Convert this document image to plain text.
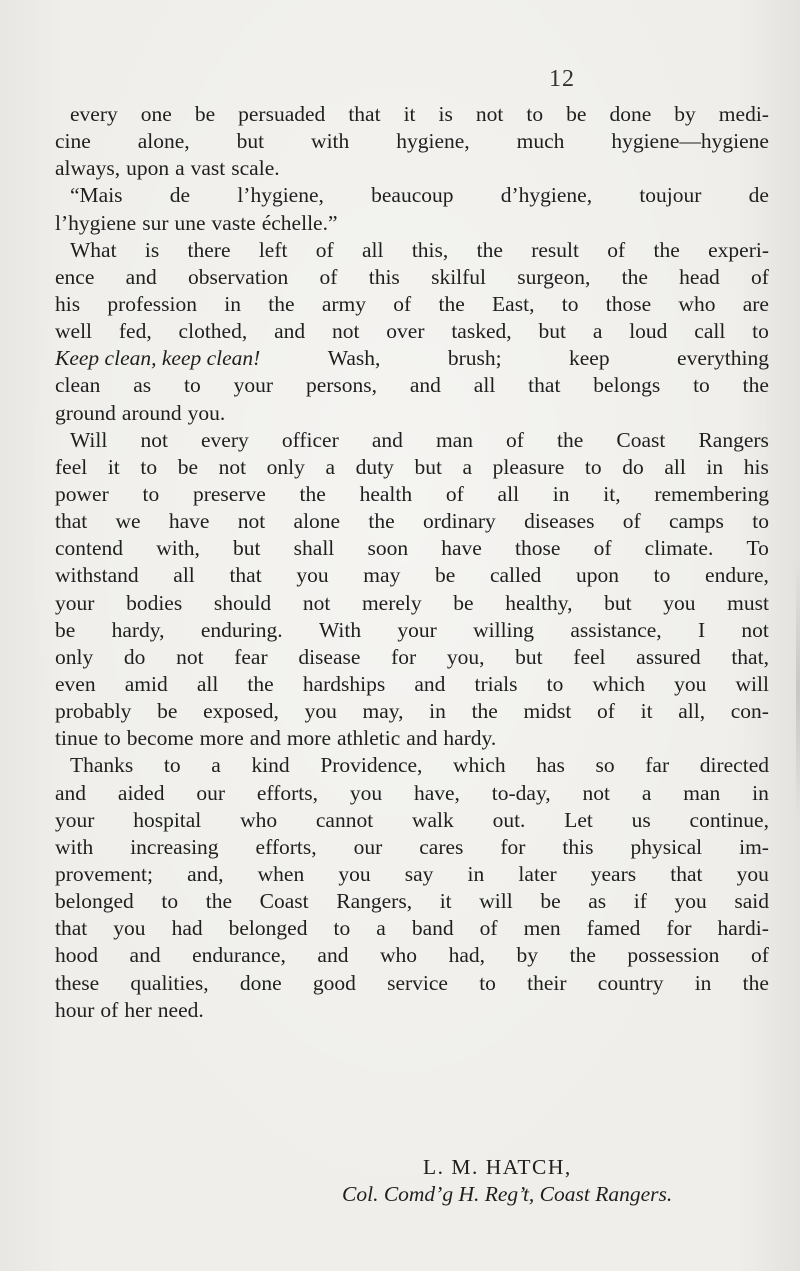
12
every one be persuaded that it is not to be done by medi-
cine alone, but with hygiene, much hygiene—hygiene
always, upon a vast scale.
“Mais de l’hygiene, beaucoup d’hygiene, toujour de
l’hygiene sur une vaste échelle.”
What is there left of all this, the result of the experi-
ence and observation of this skilful surgeon, the head of
his profession in the army of the East, to those who are
well fed, clothed, and not over tasked, but a loud call to
Keep clean, keep clean!	Wash,	brush;	keep	everything
clean as to your persons, and all that belongs to the
ground around you.
Will not every officer and man of the Coast Rangers
feel it to be not only a duty but a pleasure to do all in his
power to preserve the health of all in it, remembering
that we have not alone the ordinary diseases of camps to
contend with, but shall soon have those of climate. To
withstand all that you may be called upon to endure,
your bodies should not merely be healthy, but you must
be hardy, enduring. With your willing assistance, I not
only do not fear disease for you, but feel assured that,
even amid all the hardships and trials to which you will
probably be exposed, you may, in the midst of it all, con-
tinue to become more and more athletic and hardy.
Thanks to a kind Providence, which has so far directed
and aided our efforts, you have, to-day, not a man in
your hospital who cannot walk out. Let us continue,
with increasing efforts, our cares for this physical im-
provement; and, when you say in later years that you
belonged to the Coast Rangers, it will be as if you said
that you had belonged to a band of men famed for hardi-
hood and endurance, and who had, by the possession of
these qualities, done good service to their country in the
hour of her need.
L. M. HATCH,
Col. Comd’g H. Reg’t, Coast Rangers.
